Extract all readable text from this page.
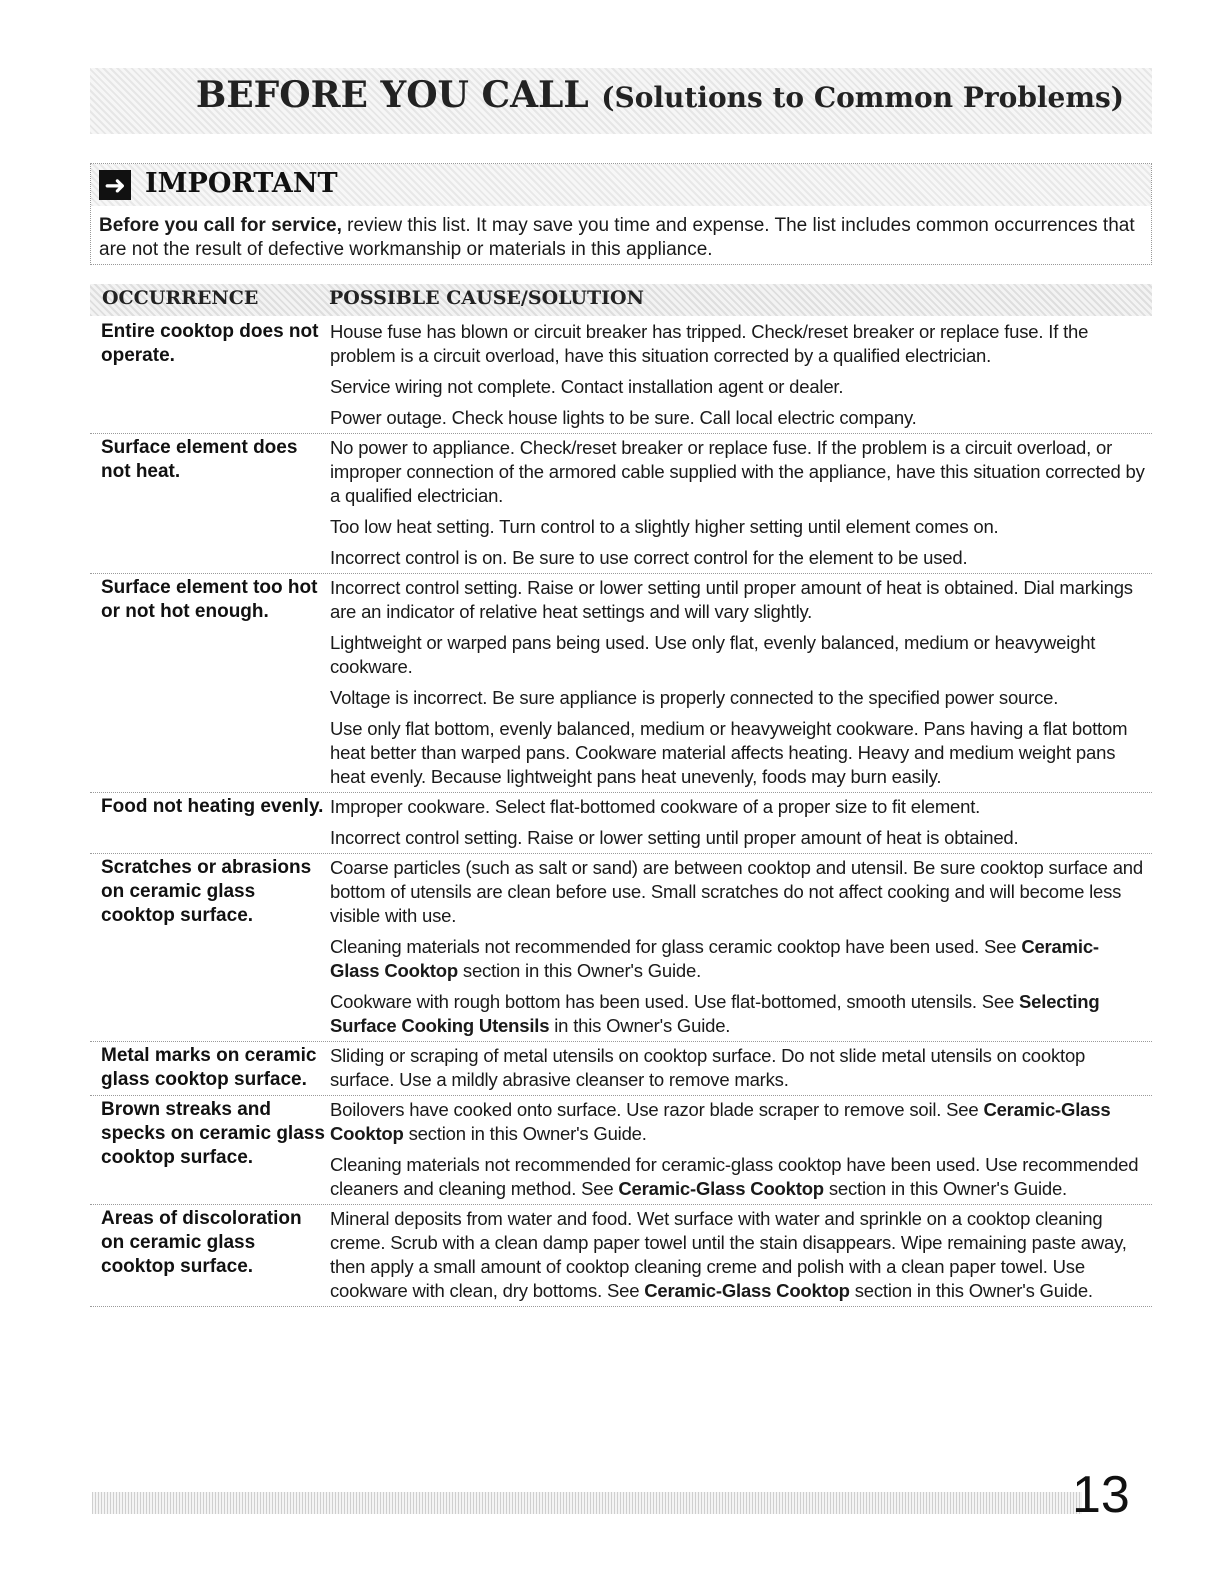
BEFORE YOU CALL (Solutions to Common Problems)
➜ IMPORTANT
Before you call for service, review this list. It may save you time and expense. The list includes common occurrences that are not the result of defective workmanship or materials in this appliance.
OCCURRENCE	POSSIBLE CAUSE/SOLUTION
Entire cooktop does not operate.
House fuse has blown or circuit breaker has tripped. Check/reset breaker or replace fuse. If the problem is a circuit overload, have this situation corrected by a qualified electrician.
Service wiring not complete. Contact installation agent or dealer.
Power outage. Check house lights to be sure. Call local electric company.
Surface element does not heat.
No power to appliance. Check/reset breaker or replace fuse. If the problem is a circuit overload, or improper connection of the armored cable supplied with the appliance, have this situation corrected by a qualified electrician.
Too low heat setting. Turn control to a slightly higher setting until element comes on.
Incorrect control is on. Be sure to use correct control for the element to be used.
Surface element too hot or not hot enough.
Incorrect control setting. Raise or lower setting until proper amount of heat is obtained. Dial markings are an indicator of relative heat settings and will vary slightly.
Lightweight or warped pans being used. Use only flat, evenly balanced, medium or heavyweight cookware.
Voltage is incorrect. Be sure appliance is properly connected to the specified power source.
Use only flat bottom, evenly balanced, medium or heavyweight cookware. Pans having a flat bottom heat better than warped pans. Cookware material affects heating. Heavy and medium weight pans heat evenly. Because lightweight pans heat unevenly, foods may burn easily.
Food not heating evenly. Improper cookware. Select flat-bottomed cookware of a proper size to fit element.
Incorrect control setting. Raise or lower setting until proper amount of heat is obtained.
Scratches or abrasions on ceramic glass cooktop surface.
Coarse particles (such as salt or sand) are between cooktop and utensil. Be sure cooktop surface and bottom of utensils are clean before use. Small scratches do not affect cooking and will become less visible with use.
Cleaning materials not recommended for glass ceramic cooktop have been used. See Ceramic-Glass Cooktop section in this Owner's Guide.
Cookware with rough bottom has been used. Use flat-bottomed, smooth utensils. See Selecting Surface Cooking Utensils in this Owner's Guide.
Metal marks on ceramic glass cooktop surface.
Sliding or scraping of metal utensils on cooktop surface. Do not slide metal utensils on cooktop surface. Use a mildly abrasive cleanser to remove marks.
Brown streaks and specks on ceramic glass cooktop surface.
Boilovers have cooked onto surface. Use razor blade scraper to remove soil. See Ceramic-Glass Cooktop section in this Owner's Guide.
Cleaning materials not recommended for ceramic-glass cooktop have been used. Use recommended cleaners and cleaning method. See Ceramic-Glass Cooktop section in this Owner's Guide.
Areas of discoloration on ceramic glass cooktop surface.
Mineral deposits from water and food. Wet surface with water and sprinkle on a cooktop cleaning creme. Scrub with a clean damp paper towel until the stain disappears. Wipe remaining paste away, then apply a small amount of cooktop cleaning creme and polish with a clean paper towel. Use cookware with clean, dry bottoms. See Ceramic-Glass Cooktop section in this Owner's Guide.
13
